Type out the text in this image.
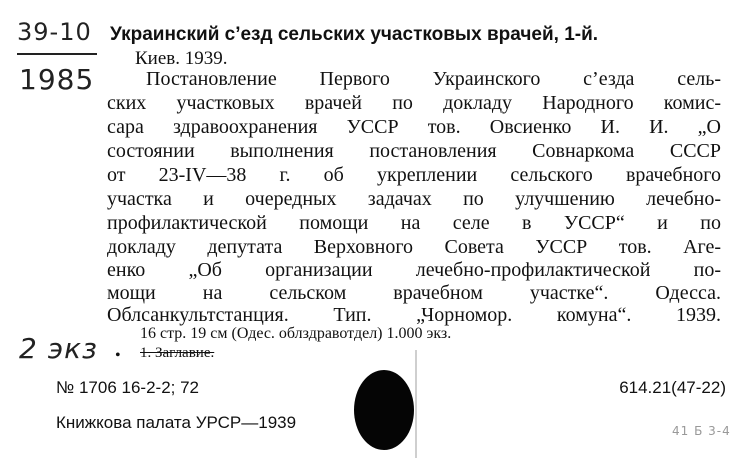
39-10
1985
Украинский с’езд сельских участковых врачей, 1-й.
Киев. 1939.
Постановление Первого Украинского с’езда сель-
ских участковых врачей по докладу Народного комис-
сара здравоохранения УССР тов. Овсиенко И. И. „О
состоянии выполнения постановления Совнаркома СССР
от 23-IV—38 г. об укреплении сельского врачебного
участка и очередных задачах по улучшению лечебно-
профилактической помощи на селе в УССР“ и по
докладу депутата Верховного Совета УССР тов. Аге-
енко „Об организации лечебно-профилактической по-
мощи на сельском врачебном участке“. Одесса.
Облсанкультстанция. Тип. „Чорномор. комуна“. 1939.
16 стр. 19 см (Одес. облздравотдел) 1.000 экз.
2 экз • 1. Заглавие.
№ 1706 16-2-2; 72	614.21(47-22)
Книжкова палата УРСР—1939	41 Б 3-4
